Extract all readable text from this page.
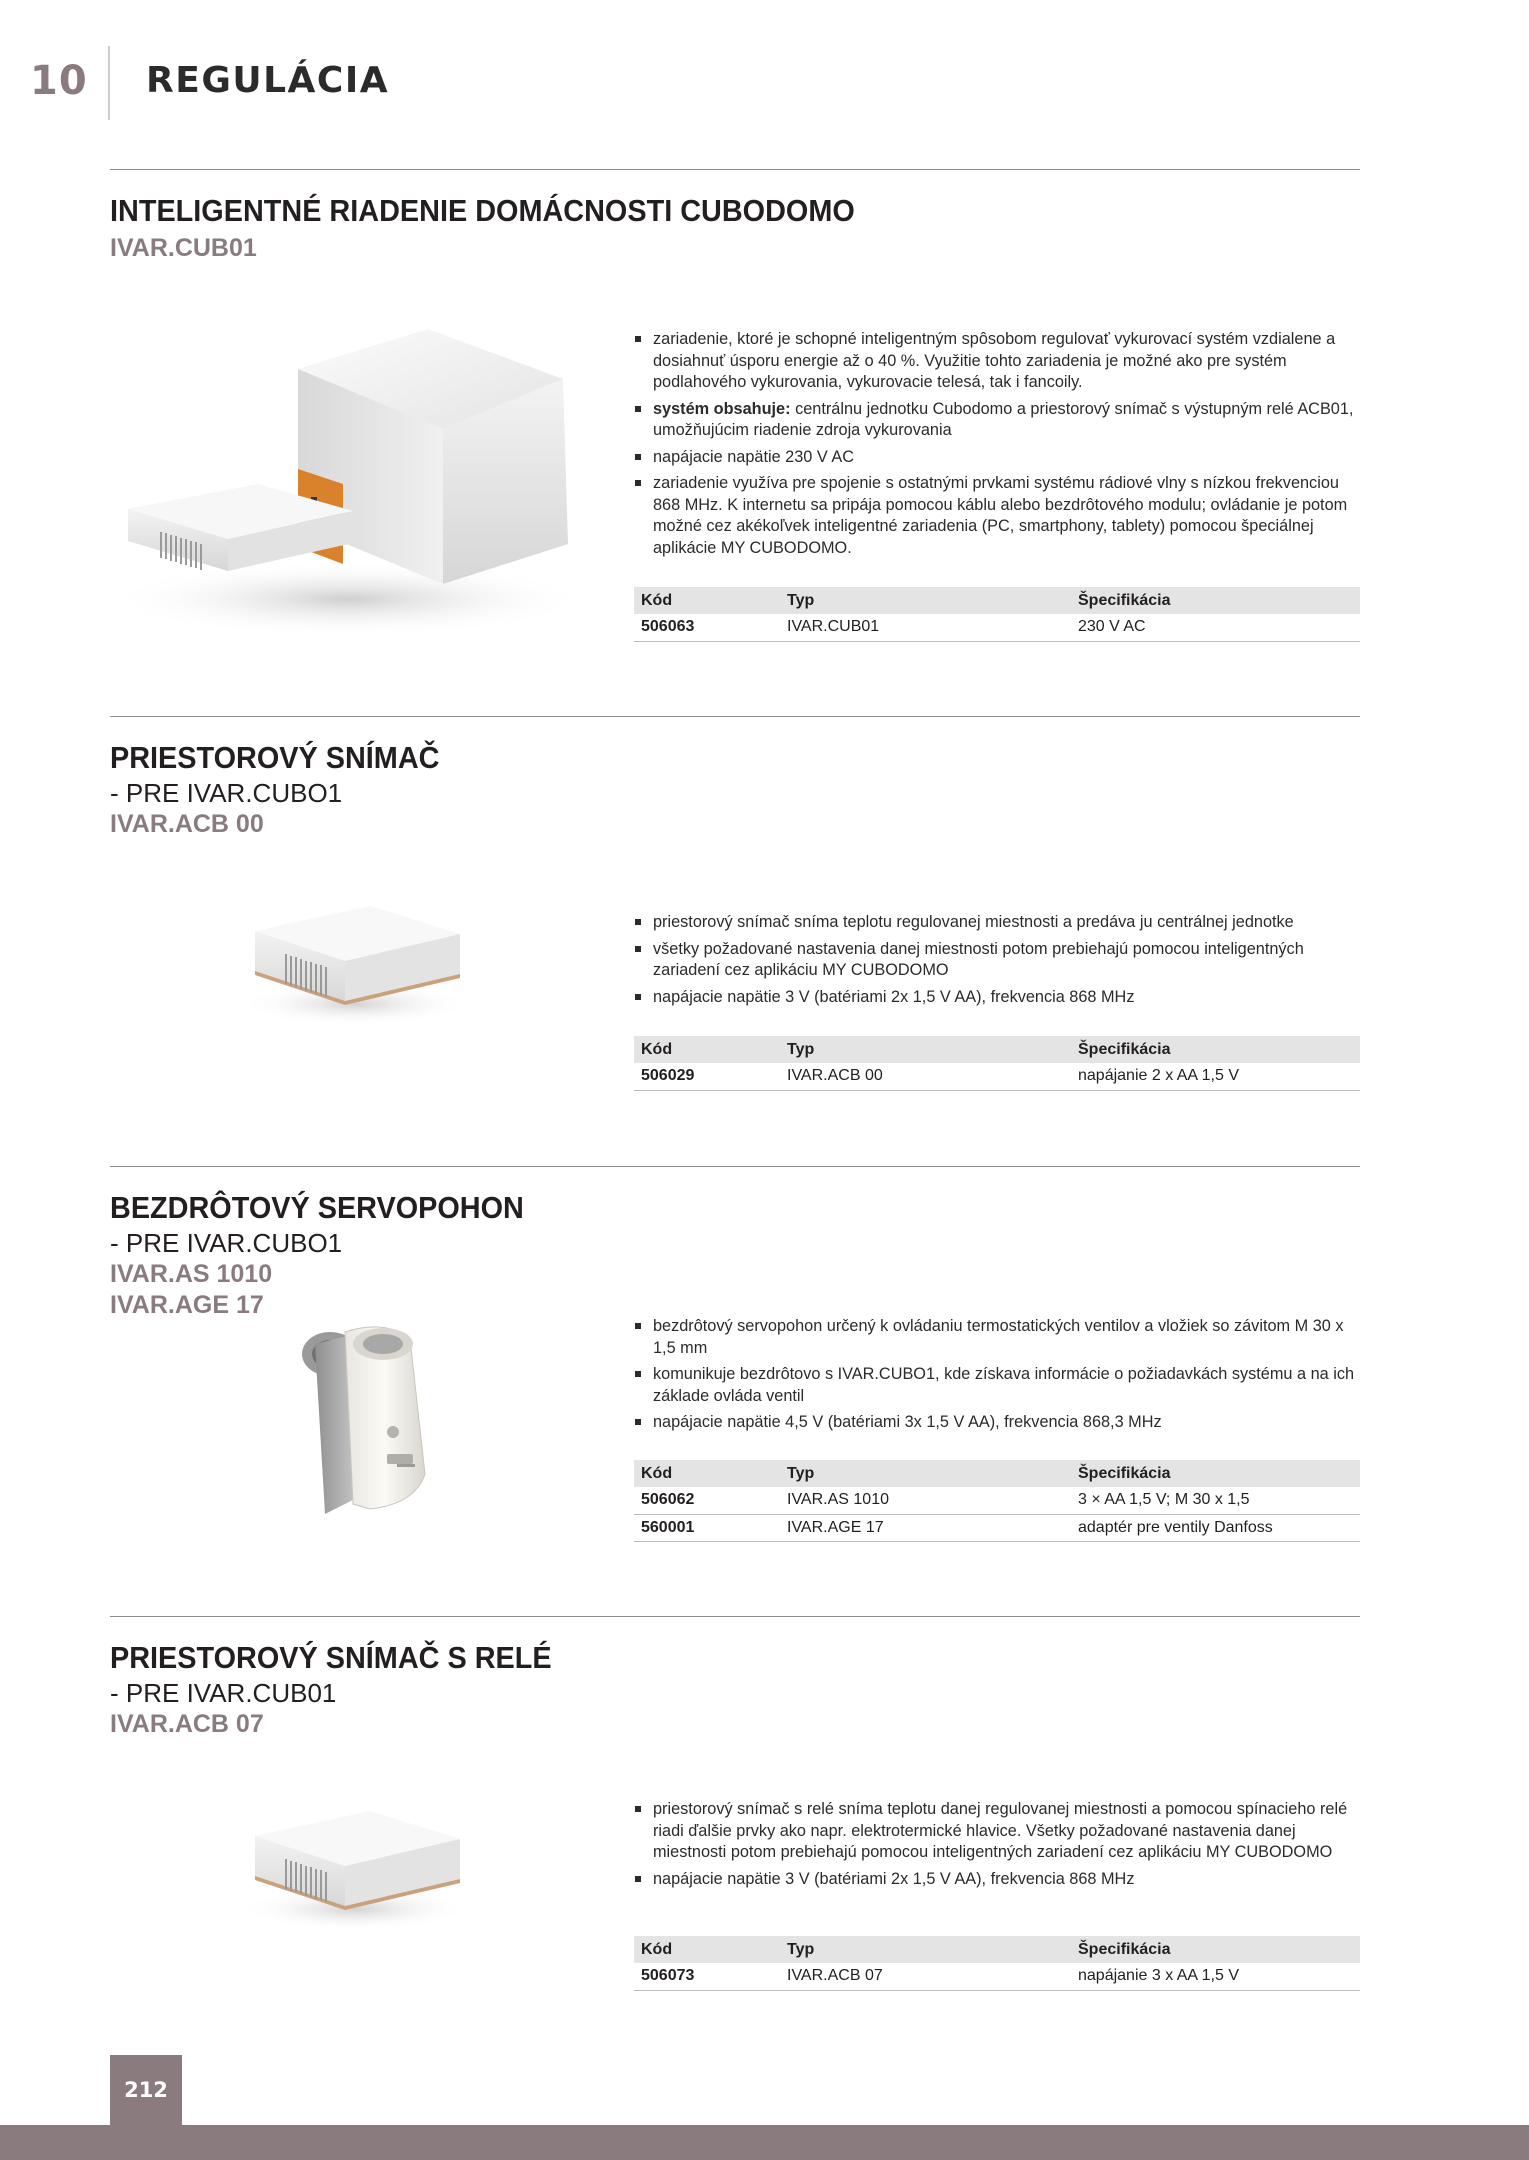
10 REGULÁCIA
INTELIGENTNÉ RIADENIE DOMÁCNOSTI CUBODOMO
IVAR.CUB01
zariadenie, ktoré je schopné inteligentným spôsobom regulovať vykurovací systém vzdialene a dosiahnuť úsporu energie až o 40 %. Využitie tohto zariadenia je možné ako pre systém podlahového vykurovania, vykurovacie telesá, tak i fancoily.
systém obsahuje: centrálnu jednotku Cubodomo a priestorový snímač s výstupným relé ACB01, umožňujúcim riadenie zdroja vykurovania
napájacie napätie 230 V AC
zariadenie využíva pre spojenie s ostatnými prvkami systému rádiové vlny s nízkou frekvenciou 868 MHz. K internetu sa pripája pomocou káblu alebo bezdrôtového modulu; ovládanie je potom možné cez akékoľvek inteligentné zariadenia (PC, smartphony, tablety) pomocou špeciálnej aplikácie MY CUBODOMO.
Kód	Typ	Špecifikácia
506063	IVAR.CUB01	230 V AC
PRIESTOROVÝ SNÍMAČ
- PRE IVAR.CUBO1
IVAR.ACB 00
priestorový snímač sníma teplotu regulovanej miestnosti a predáva ju centrálnej jednotke
všetky požadované nastavenia danej miestnosti potom prebiehajú pomocou inteligentných zariadení cez aplikáciu MY CUBODOMO
napájacie napätie 3 V (batériami 2x 1,5 V AA), frekvencia 868 MHz
Kód	Typ	Špecifikácia
506029	IVAR.ACB 00	napájanie 2 x AA 1,5 V
BEZDRÔTOVÝ SERVOPOHON
- PRE IVAR.CUBO1
IVAR.AS 1010
IVAR.AGE 17
bezdrôtový servopohon určený k ovládaniu termostatických ventilov a vložiek so závitom M 30 x 1,5 mm
komunikuje bezdrôtovo s IVAR.CUBO1, kde získava informácie o požiadavkách systému a na ich základe ovláda ventil
napájacie napätie 4,5 V (batériami 3x 1,5 V AA), frekvencia 868,3 MHz
Kód	Typ	Špecifikácia
506062	IVAR.AS 1010	3 × AA 1,5 V; M 30 x 1,5
560001	IVAR.AGE 17	adaptér pre ventily Danfoss
PRIESTOROVÝ SNÍMAČ S RELÉ
- PRE IVAR.CUB01
IVAR.ACB 07
priestorový snímač s relé sníma teplotu danej regulovanej miestnosti a pomocou spínacieho relé riadi ďalšie prvky ako napr. elektrotermické hlavice. Všetky požadované nastavenia danej miestnosti potom prebiehajú pomocou inteligentných zariadení cez aplikáciu MY CUBODOMO
napájacie napätie 3 V (batériami 2x 1,5 V AA), frekvencia 868 MHz
Kód	Typ	Špecifikácia
506073	IVAR.ACB 07	napájanie 3 x AA 1,5 V
212
